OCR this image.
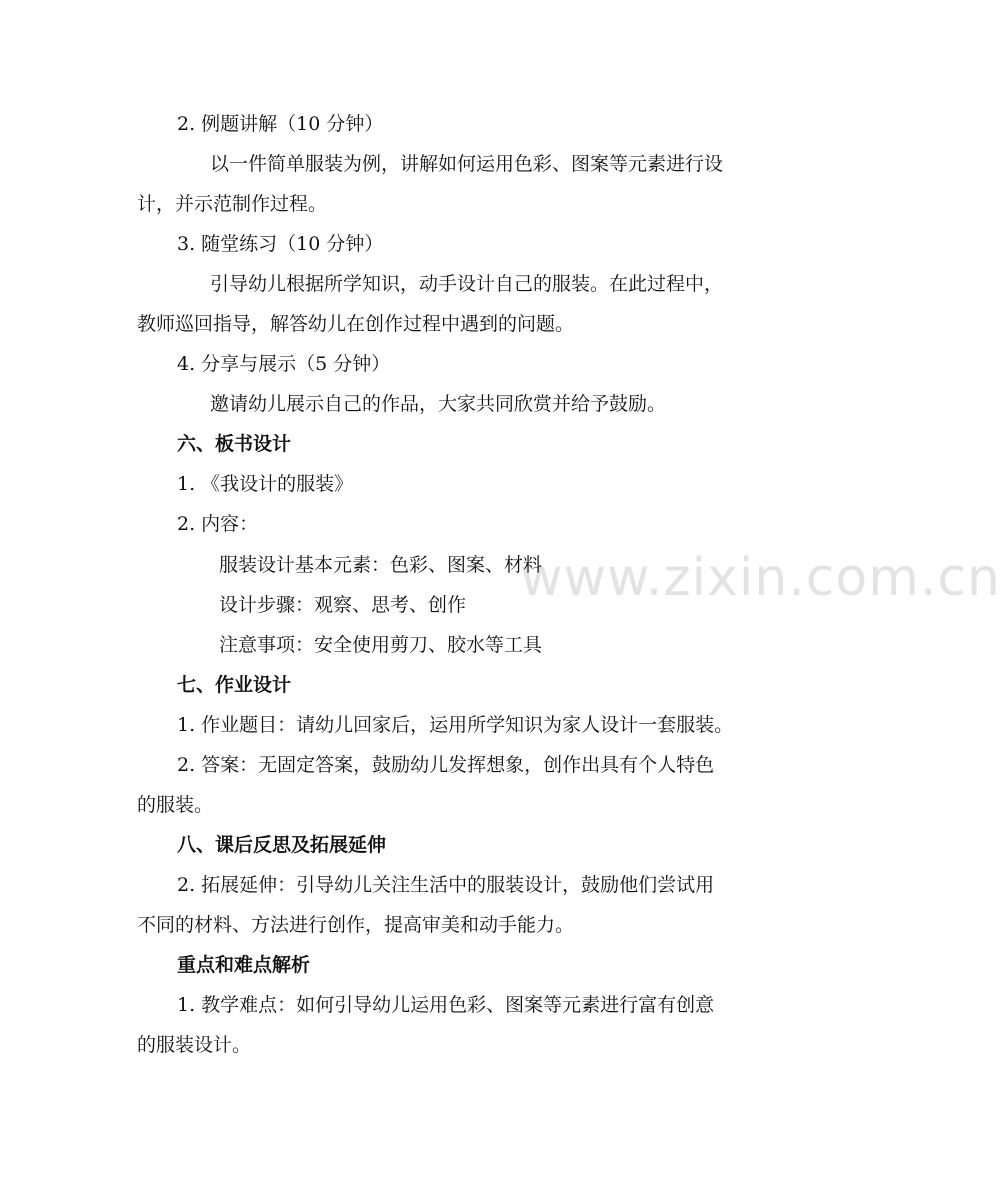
www.zixin.com.cn
2. 例题讲解（10 分钟）
以一件简单服装为例，讲解如何运用色彩、图案等元素进行设
计，并示范制作过程。
3. 随堂练习（10 分钟）
引导幼儿根据所学知识，动手设计自己的服装。在此过程中，
教师巡回指导，解答幼儿在创作过程中遇到的问题。
4. 分享与展示（5 分钟）
邀请幼儿展示自己的作品，大家共同欣赏并给予鼓励。
六、板书设计
1. 《我设计的服装》
2. 内容：
服装设计基本元素：色彩、图案、材料
设计步骤：观察、思考、创作
注意事项：安全使用剪刀、胶水等工具
七、作业设计
1. 作业题目：请幼儿回家后，运用所学知识为家人设计一套服装。
2. 答案：无固定答案，鼓励幼儿发挥想象，创作出具有个人特色
的服装。
八、课后反思及拓展延伸
2. 拓展延伸：引导幼儿关注生活中的服装设计，鼓励他们尝试用
不同的材料、方法进行创作，提高审美和动手能力。
重点和难点解析
1. 教学难点：如何引导幼儿运用色彩、图案等元素进行富有创意
的服装设计。
